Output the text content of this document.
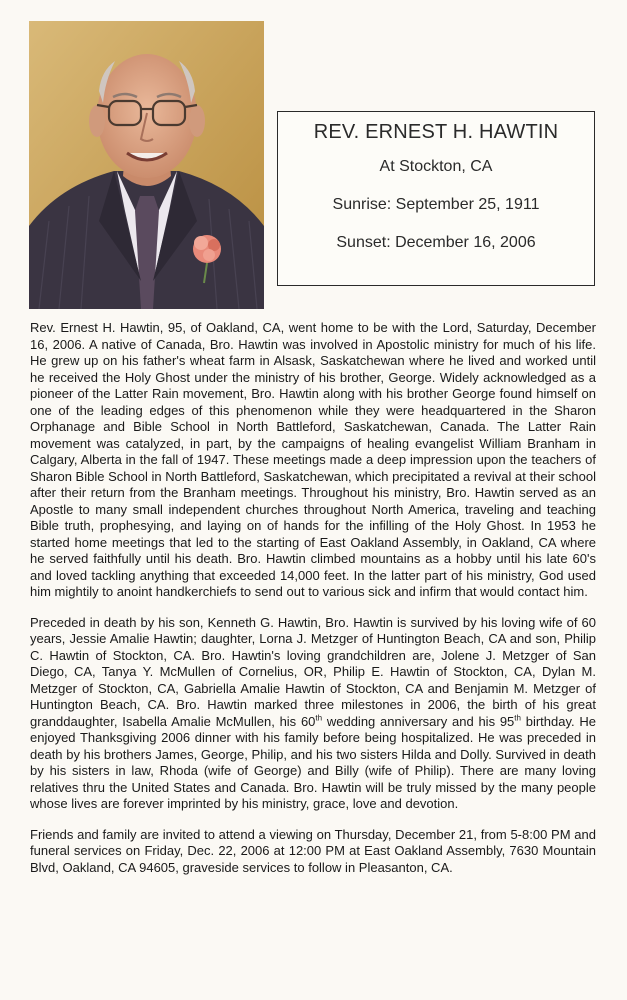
REV. ERNEST H. HAWTIN
At Stockton, CA
Sunrise: September 25, 1911
Sunset: December 16, 2006

Rev. Ernest H. Hawtin, 95, of Oakland, CA, went home to be with the Lord, Saturday, December 16, 2006. A native of Canada, Bro. Hawtin was involved in Apostolic ministry for much of his life. He grew up on his father's wheat farm in Alsask, Saskatchewan where he lived and worked until he received the Holy Ghost under the ministry of his brother, George. Widely acknowledged as a pioneer of the Latter Rain movement, Bro. Hawtin along with his brother George found himself on one of the leading edges of this phenomenon while they were headquartered in the Sharon Orphanage and Bible School in North Battleford, Saskatchewan, Canada. The Latter Rain movement was catalyzed, in part, by the campaigns of healing evangelist William Branham in Calgary, Alberta in the fall of 1947. These meetings made a deep impression upon the teachers of Sharon Bible School in North Battleford, Saskatchewan, which precipitated a revival at their school after their return from the Branham meetings. Throughout his ministry, Bro. Hawtin served as an Apostle to many small independent churches throughout North America, traveling and teaching Bible truth, prophesying, and laying on of hands for the infilling of the Holy Ghost. In 1953 he started home meetings that led to the starting of East Oakland Assembly, in Oakland, CA where he served faithfully until his death. Bro. Hawtin climbed mountains as a hobby until his late 60's and loved tackling anything that exceeded 14,000 feet. In the latter part of his ministry, God used him mightily to anoint handkerchiefs to send out to various sick and infirm that would contact him.

Preceded in death by his son, Kenneth G. Hawtin, Bro. Hawtin is survived by his loving wife of 60 years, Jessie Amalie Hawtin; daughter, Lorna J. Metzger of Huntington Beach, CA and son, Philip C. Hawtin of Stockton, CA. Bro. Hawtin's loving grandchildren are, Jolene J. Metzger of San Diego, CA, Tanya Y. McMullen of Cornelius, OR, Philip E. Hawtin of Stockton, CA, Dylan M. Metzger of Stockton, CA, Gabriella Amalie Hawtin of Stockton, CA and Benjamin M. Metzger of Huntington Beach, CA. Bro. Hawtin marked three milestones in 2006, the birth of his great granddaughter, Isabella Amalie McMullen, his 60th wedding anniversary and his 95th birthday. He enjoyed Thanksgiving 2006 dinner with his family before being hospitalized. He was preceded in death by his brothers James, George, Philip, and his two sisters Hilda and Dolly. Survived in death by his sisters in law, Rhoda (wife of George) and Billy (wife of Philip). There are many loving relatives thru the United States and Canada. Bro. Hawtin will be truly missed by the many people whose lives are forever imprinted by his ministry, grace, love and devotion.

Friends and family are invited to attend a viewing on Thursday, December 21, from 5-8:00 PM and funeral services on Friday, Dec. 22, 2006 at 12:00 PM at East Oakland Assembly, 7630 Mountain Blvd, Oakland, CA 94605, graveside services to follow in Pleasanton, CA.
